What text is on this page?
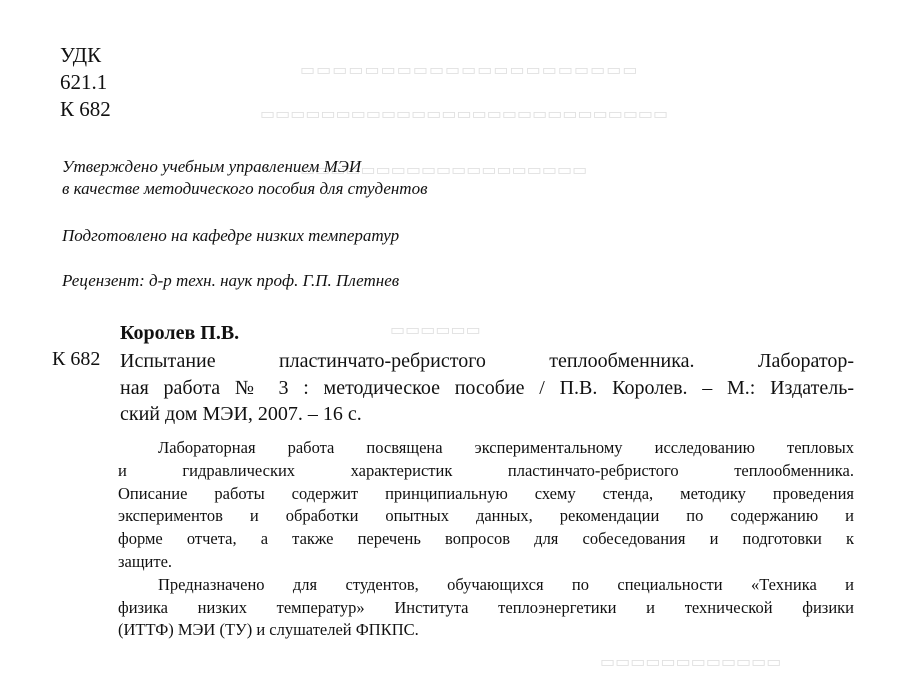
▭▭▭▭▭▭▭▭▭▭▭▭▭▭▭▭▭▭▭▭▭
▭▭▭▭▭▭▭▭▭▭▭▭▭▭▭▭▭▭▭▭▭▭▭▭▭▭▭
▭▭▭▭▭▭▭▭▭▭▭▭▭▭▭▭▭▭▭
▭▭▭▭▭▭
▭▭▭▭▭▭▭▭▭▭▭▭
УДК
621.1
К 682
Утверждено учебным управлением МЭИ
в качестве методического пособия для студентов
Подготовлено на кафедре низких температур
Рецензент: д-р техн. наук проф. Г.П. Плетнев
Королев П.В.
К 682 Испытание пластинчато-ребристого теплообменника. Лаборатор-
ная работа № 3 : методическое пособие / П.В. Королев. – М.: Издатель-
ский дом МЭИ, 2007. – 16 с.
Лабораторная работа посвящена экспериментальному исследованию тепловых
и гидравлических характеристик пластинчато-ребристого теплообменника.
Описание работы содержит принципиальную схему стенда, методику проведения
экспериментов и обработки опытных данных, рекомендации по содержанию и
форме отчета, а также перечень вопросов для собеседования и подготовки к
защите.
Предназначено для студентов, обучающихся по специальности «Техника и
физика низких температур» Института теплоэнергетики и технической физики
(ИТТФ) МЭИ (ТУ) и слушателей ФПКПС.
